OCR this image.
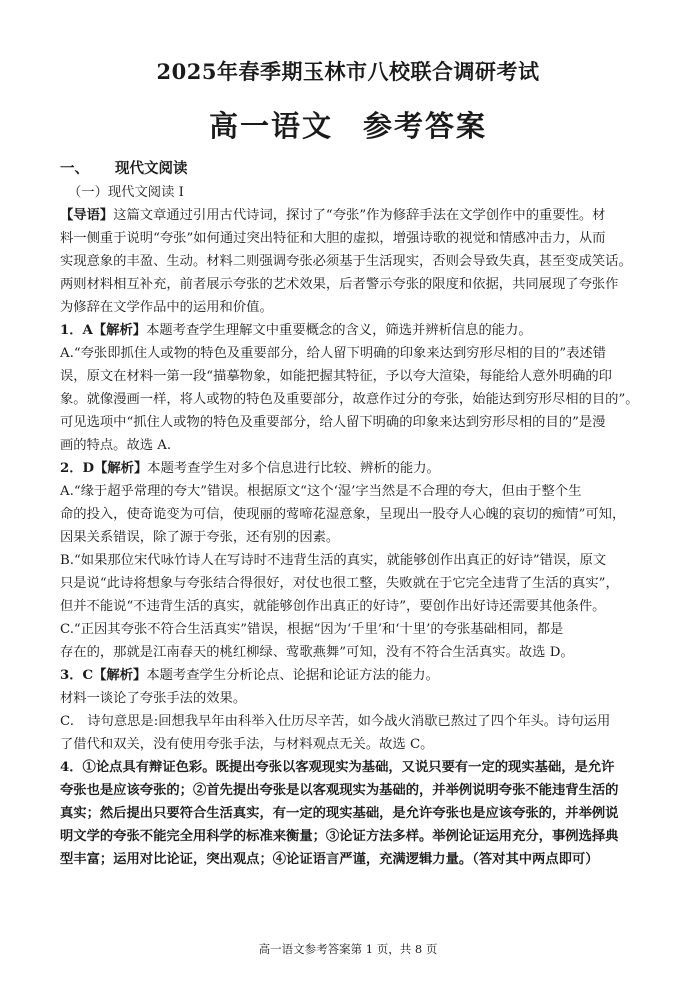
2025年春季期玉林市八校联合调研考试
高一语文 参考答案
一、 现代文阅读
（一）现代文阅读 I
【导语】这篇文章通过引用古代诗词，探讨了“夸张”作为修辞手法在文学创作中的重要性。材
料一侧重于说明“夸张”如何通过突出特征和大胆的虚拟，增强诗歌的视觉和情感冲击力，从而
实现意象的丰盈、生动。材料二则强调夸张必须基于生活现实，否则会导致失真，甚至变成笑话。
两则材料相互补充，前者展示夸张的艺术效果，后者警示夸张的限度和依据，共同展现了夸张作
为修辞在文学作品中的运用和价值。
1．A【解析】本题考查学生理解文中重要概念的含义，筛选并辨析信息的能力。
A.“夸张即抓住人或物的特色及重要部分，给人留下明确的印象来达到穷形尽相的目的”表述错
误，原文在材料一第一段“描摹物象，如能把握其特征，予以夸大渲染，每能给人意外明确的印
象。就像漫画一样，将人或物的特色及重要部分，故意作过分的夸张，始能达到穷形尽相的目的”。
可见选项中“抓住人或物的特色及重要部分，给人留下明确的印象来达到穷形尽相的目的”是漫
画的特点。故选 A.
2．D【解析】本题考查学生对多个信息进行比较、辨析的能力。
A.“缘于超乎常理的夸大”错误。根据原文“这个‘湿’字当然是不合理的夸大，但由于整个生
命的投入，使奇诡变为可信，使现丽的莺啼花湿意象，呈现出一股夺人心魄的哀切的痴情”可知，
因果关系错误，除了源于夸张，还有别的因素。
B.“如果那位宋代咏竹诗人在写诗时不违背生活的真实，就能够创作出真正的好诗”错误，原文
只是说“此诗将想象与夸张结合得很好，对仗也很工整，失败就在于它完全违背了生活的真实”，
但并不能说“不违背生活的真实，就能够创作出真正的好诗”，要创作出好诗还需要其他条件。
C.“正因其夸张不符合生活真实”错误，根据“因为‘千里’和‘十里’的夸张基础相同，都是
存在的，那就是江南春天的桃红柳绿、莺歌燕舞”可知，没有不符合生活真实。故选 D。
3．C【解析】本题考查学生分析论点、论据和论证方法的能力。
材料一谈论了夸张手法的效果。
C.　诗句意思是:回想我早年由科举入仕历尽辛苦，如今战火消歇已熬过了四个年头。诗句运用
了借代和双关，没有使用夸张手法，与材料观点无关。故选 C。
4．①论点具有辩证色彩。既提出夸张以客观现实为基础，又说只要有一定的现实基础，是允许
夸张也是应该夸张的；②首先提出夸张是以客观现实为基础的，并举例说明夸张不能违背生活的
真实；然后提出只要符合生活真实，有一定的现实基础，是允许夸张也是应该夸张的，并举例说
明文学的夸张不能完全用科学的标准来衡量；③论证方法多样。举例论证运用充分，事例选择典
型丰富；运用对比论证，突出观点；④论证语言严谨，充满逻辑力量。（答对其中两点即可）
高一语文参考答案第 1 页，共 8 页
